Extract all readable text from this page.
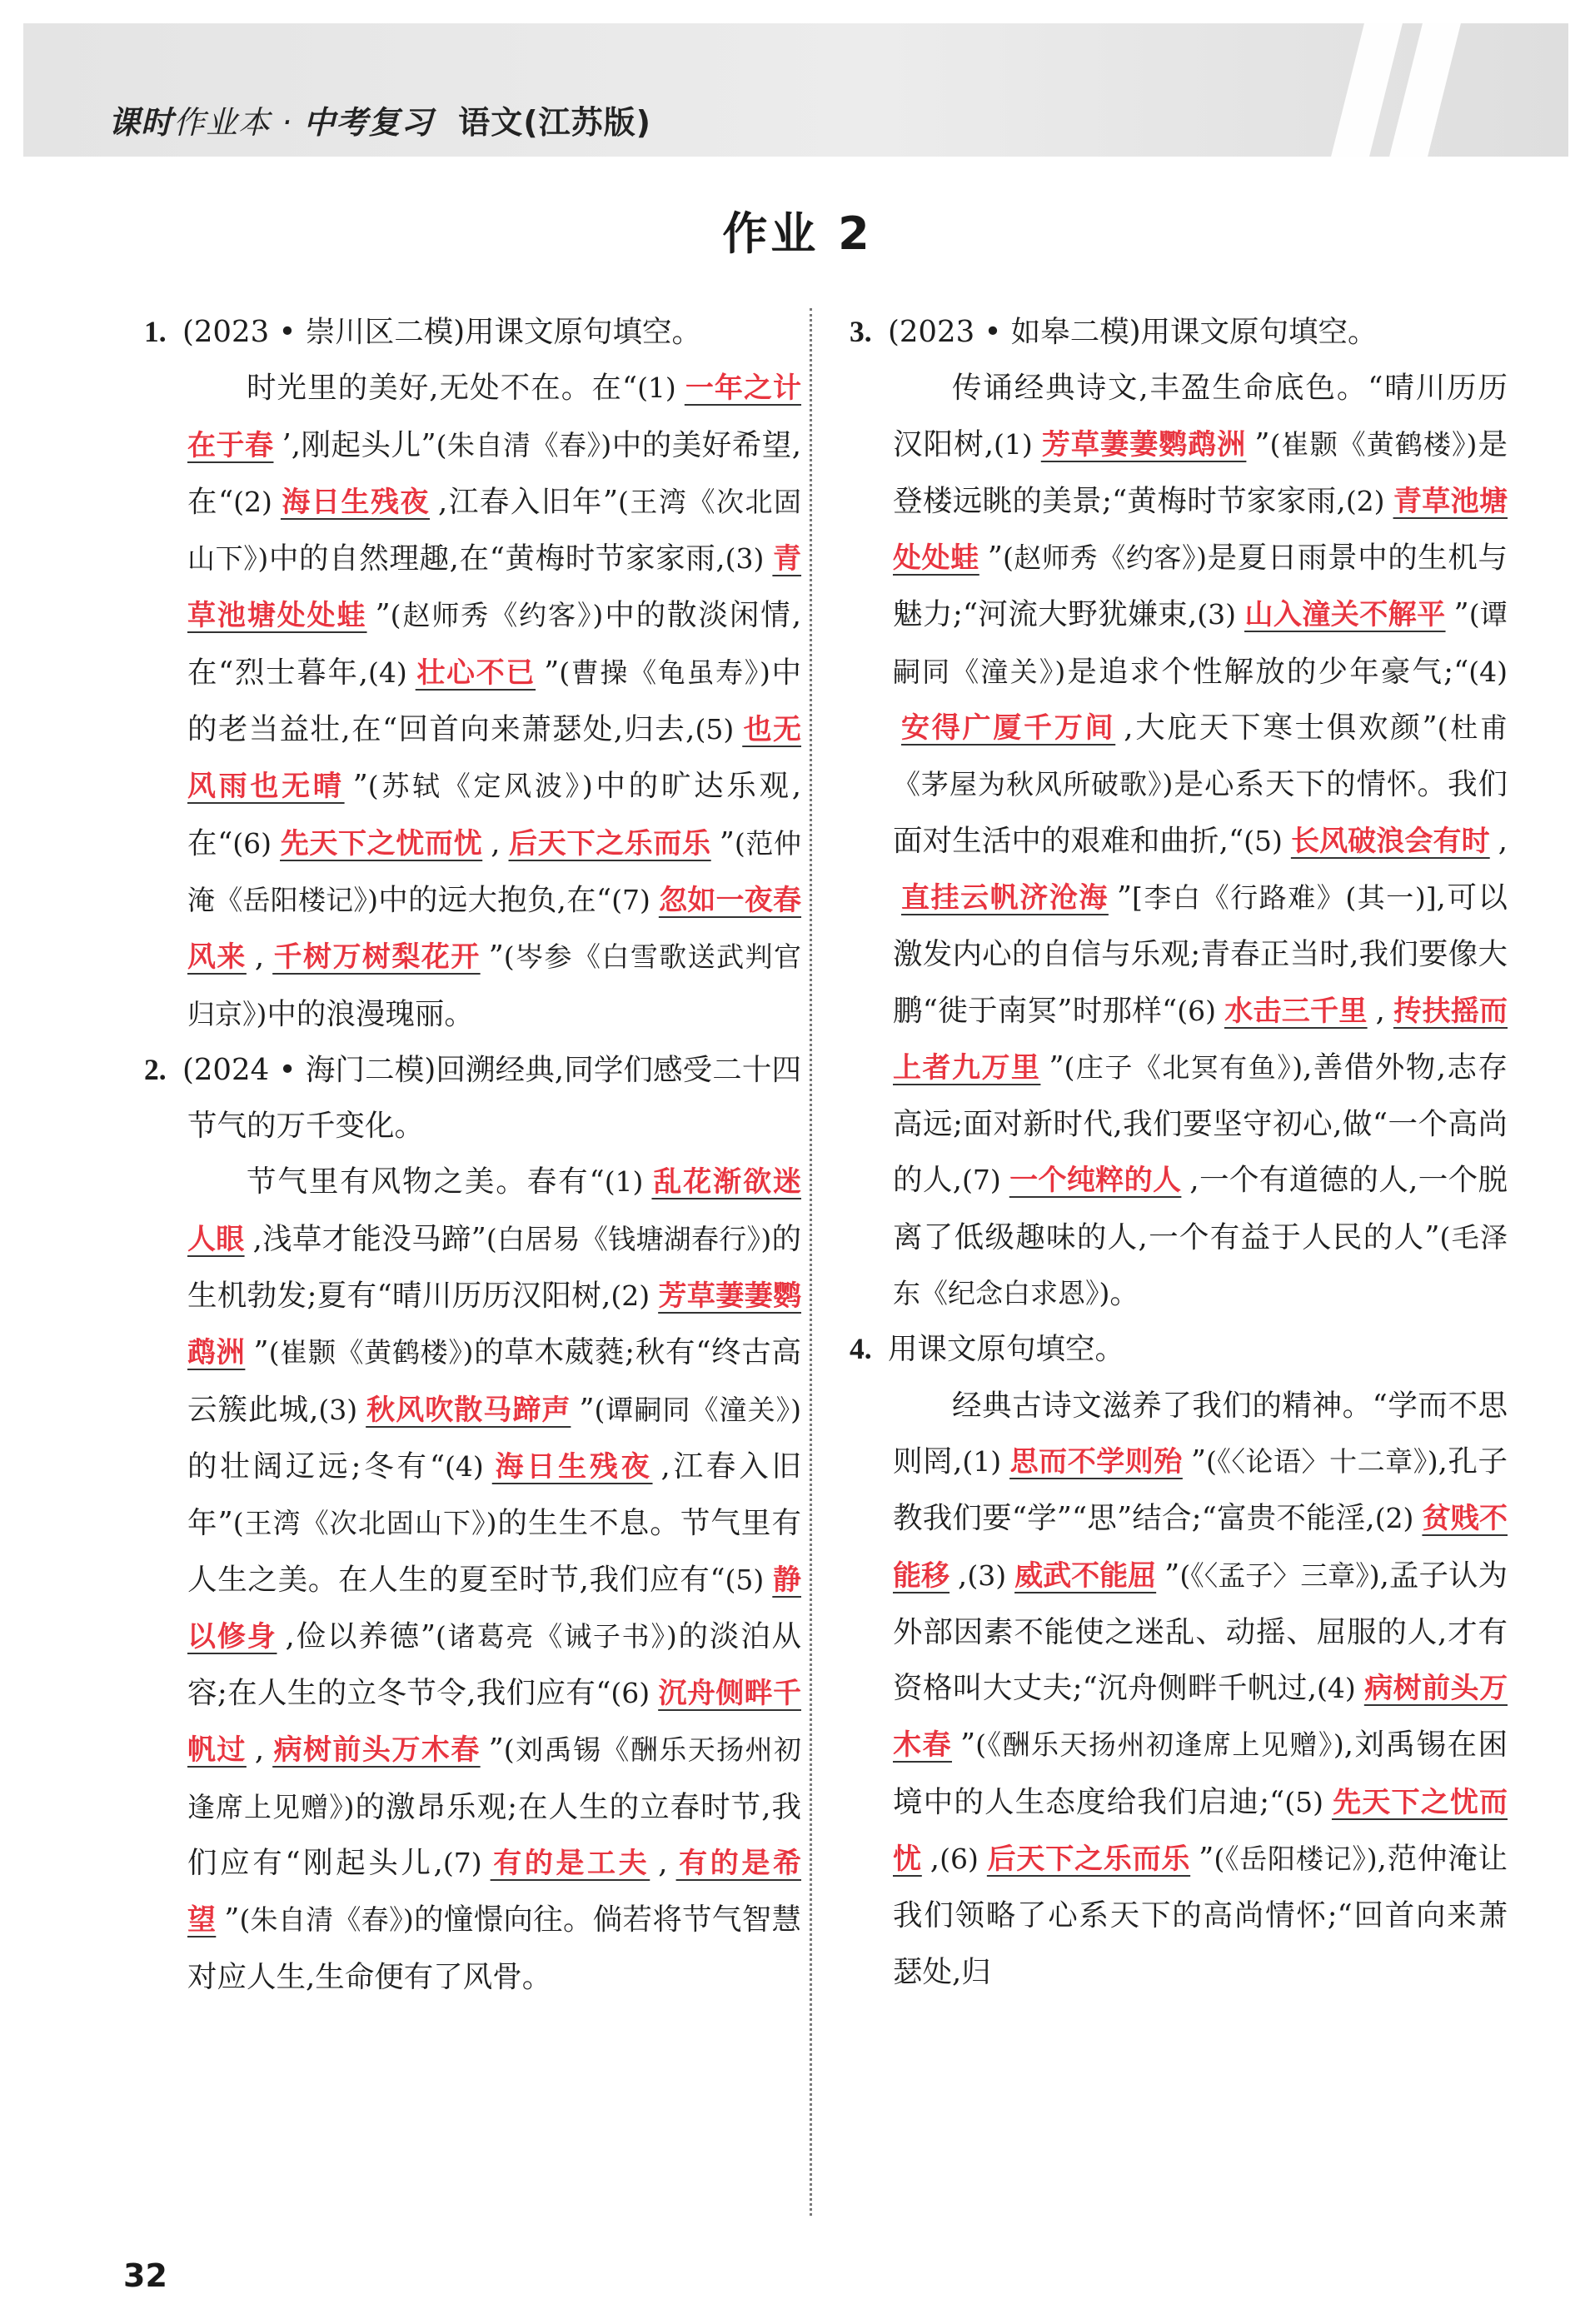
课时作业本 · 中考复习 语文(江苏版)
作业 2

1. (2023 • 崇川区二模)用课文原句填空。

时光里的美好,无处不在。在“(1) 一年之计在于春 ’,刚起头儿”(朱自清《春》)中的美好希望,在“(2) 海日生残夜 ,江春入旧年”(王湾《次北固山下》)中的自然理趣,在“黄梅时节家家雨,(3) 青草池塘处处蛙 ”(赵师秀《约客》)中的散淡闲情,在“烈士暮年,(4) 壮心不已 ”(曹操《龟虽寿》)中的老当益壮,在“回首向来萧瑟处,归去,(5) 也无风雨也无晴 ”(苏轼《定风波》)中的旷达乐观,在“(6) 先天下之忧而忧 , 后天下之乐而乐 ”(范仲淹《岳阳楼记》)中的远大抱负,在“(7) 忽如一夜春风来 , 千树万树梨花开 ”(岑参《白雪歌送武判官归京》)中的浪漫瑰丽。

2. (2024 • 海门二模)回溯经典,同学们感受二十四节气的万千变化。

节气里有风物之美。春有“(1) 乱花渐欲迷人眼 ,浅草才能没马蹄”(白居易《钱塘湖春行》)的生机勃发;夏有“晴川历历汉阳树,(2) 芳草萋萋鹦鹉洲 ”(崔颢《黄鹤楼》)的草木葳蕤;秋有“终古高云簇此城,(3) 秋风吹散马蹄声 ”(谭嗣同《潼关》)的壮阔辽远;冬有“(4) 海日生残夜 ,江春入旧年”(王湾《次北固山下》)的生生不息。节气里有人生之美。在人生的夏至时节,我们应有“(5) 静以修身 ,俭以养德”(诸葛亮《诫子书》)的淡泊从容;在人生的立冬节令,我们应有“(6) 沉舟侧畔千帆过 , 病树前头万木春 ”(刘禹锡《酬乐天扬州初逢席上见赠》)的激昂乐观;在人生的立春时节,我们应有“刚起头儿,(7) 有的是工夫 , 有的是希望 ”(朱自清《春》)的憧憬向往。倘若将节气智慧对应人生,生命便有了风骨。

3. (2023 • 如皋二模)用课文原句填空。

传诵经典诗文,丰盈生命底色。“晴川历历汉阳树,(1) 芳草萋萋鹦鹉洲 ”(崔颢《黄鹤楼》)是登楼远眺的美景;“黄梅时节家家雨,(2) 青草池塘处处蛙 ”(赵师秀《约客》)是夏日雨景中的生机与魅力;“河流大野犹嫌束,(3) 山入潼关不解平 ”(谭嗣同《潼关》)是追求个性解放的少年豪气;“(4)安得广厦千万间 ,大庇天下寒士俱欢颜”(杜甫《茅屋为秋风所破歌》)是心系天下的情怀。我们面对生活中的艰难和曲折,“(5) 长风破浪会有时 ,直挂云帆济沧海 ”[李白《行路难》(其一)],可以激发内心的自信与乐观;青春正当时,我们要像大鹏“徙于南冥”时那样“(6) 水击三千里 , 抟扶摇而上者九万里 ”(庄子《北冥有鱼》),善借外物,志存高远;面对新时代,我们要坚守初心,做“一个高尚的人,(7) 一个纯粹的人 ,一个有道德的人,一个脱离了低级趣味的人,一个有益于人民的人”(毛泽东《纪念白求恩》)。

4. 用课文原句填空。

经典古诗文滋养了我们的精神。“学而不思则罔,(1) 思而不学则殆 ”(《〈论语〉十二章》),孔子教我们要“学”“思”结合;“富贵不能淫,(2) 贫贱不能移 ,(3) 威武不能屈 ”(《〈孟子〉三章》),孟子认为外部因素不能使之迷乱、动摇、屈服的人,才有资格叫大丈夫;“沉舟侧畔千帆过,(4) 病树前头万木春 ”(《酬乐天扬州初逢席上见赠》),刘禹锡在困境中的人生态度给我们启迪;“(5) 先天下之忧而忧 ,(6) 后天下之乐而乐 ”(《岳阳楼记》),范仲淹让我们领略了心系天下的高尚情怀;“回首向来萧瑟处,归

32
